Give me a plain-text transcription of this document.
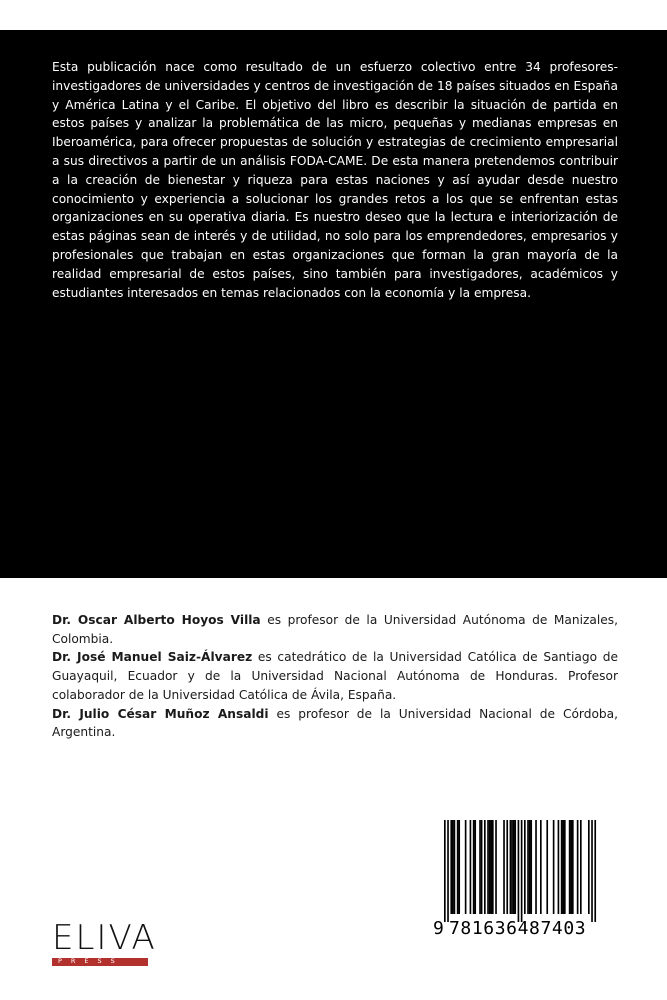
Esta publicación nace como resultado de un esfuerzo colectivo entre 34 profesores-investigadores de universidades y centros de investigación de 18 países situados en España y América Latina y el Caribe. El objetivo del libro es describir la situación de partida en estos países y analizar la problemática de las micro, pequeñas y medianas empresas en Iberoamérica, para ofrecer propuestas de solución y estrategias de crecimiento empresarial a sus directivos a partir de un análisis FODA-CAME. De esta manera pretendemos contribuir a la creación de bienestar y riqueza para estas naciones y así ayudar desde nuestro conocimiento y experiencia a solucionar los grandes retos a los que se enfrentan estas organizaciones en su operativa diaria. Es nuestro deseo que la lectura e interiorización de estas páginas sean de interés y de utilidad, no solo para los emprendedores, empresarios y profesionales que trabajan en estas organizaciones que forman la gran mayoría de la realidad empresarial de estos países, sino también para investigadores, académicos y estudiantes interesados en temas relacionados con la economía y la empresa.

Dr. Oscar Alberto Hoyos Villa es profesor de la Universidad Autónoma de Manizales, Colombia.

Dr. José Manuel Saiz-Álvarez es catedrático de la Universidad Católica de Santiago de Guayaquil, Ecuador y de la Universidad Nacional Autónoma de Honduras. Profesor colaborador de la Universidad Católica de Ávila, España.

Dr. Julio César Muñoz Ansaldi es profesor de la Universidad Nacional de Córdoba, Argentina.

9 781636487403
ELIVA
PRESS
